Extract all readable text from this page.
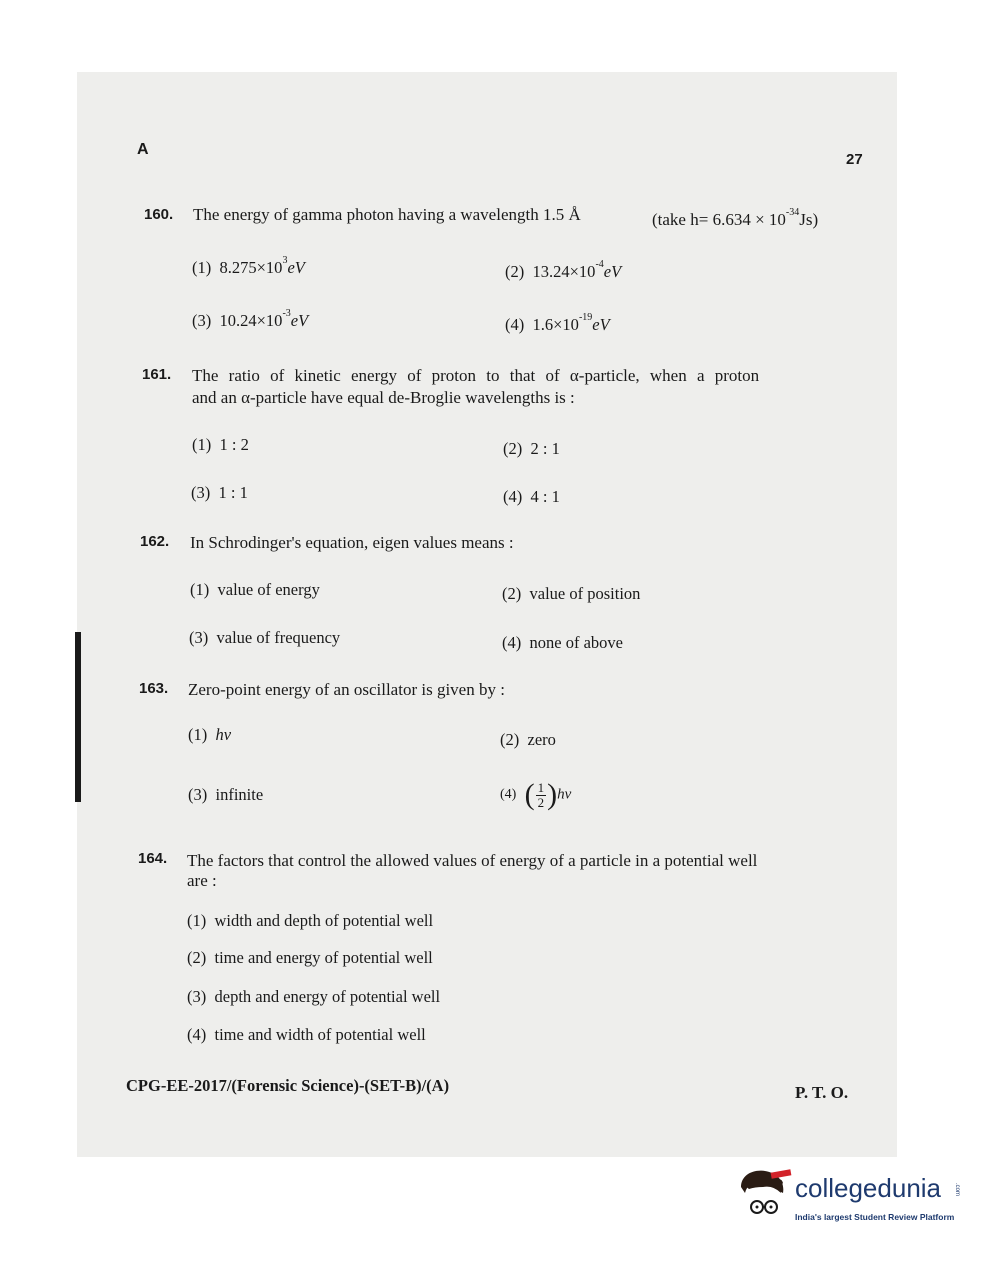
A
27
160. The energy of gamma photon having a wavelength 1.5 Å	(take $h= 6.634 \times 10^{-34}Js$)
(1) $8.275\times 10^3eV$	(2) $13.24\times 10^{-4}eV$
(3) $10.24\times 10^{-3}eV$	(4) $1.6\times 10^{-19}eV$
161. The ratio of kinetic energy of proton to that of α-particle, when a proton
and an α-particle have equal de-Broglie wavelengths is :
(1) 1 : 2	(2) 2 : 1
(3) 1 : 1	(4) 4 : 1
162. In Schrodinger's equation, eigen values means :
(1) value of energy	(2) value of position
(3) value of frequency	(4) none of above
163. Zero-point energy of an oscillator is given by :
(1) hν	(2) zero
(3) infinite	(4) ( 1
2 ) hν
164. The factors that control the allowed values of energy of a particle in a potential well
are :
(1) width and depth of potential well
(2) time and energy of potential well
(3) depth and energy of potential well
(4) time and width of potential well
CPG-EE-2017/(Forensic Science)-(SET-B)/(A)	P. T. O.
collegedunia .com
India's largest Student Review Platform
